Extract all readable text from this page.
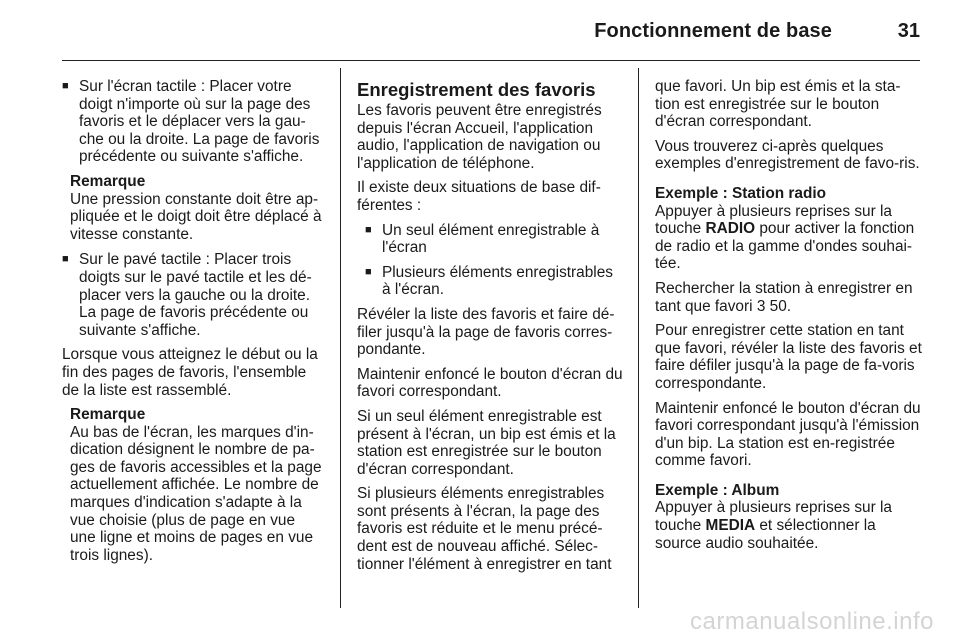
Fonctionnement de base	31
■ Sur l'écran tactile : Placer votre doigt n'importe où sur la page des favoris et le déplacer vers la gau-che ou la droite. La page de favoris précédente ou suivante s'affiche.
Remarque
Une pression constante doit être ap-pliquée et le doigt doit être déplacé à vitesse constante.
■ Sur le pavé tactile : Placer trois doigts sur le pavé tactile et les dé-placer vers la gauche ou la droite. La page de favoris précédente ou suivante s'affiche.

Lorsque vous atteignez le début ou la fin des pages de favoris, l'ensemble de la liste est rassemblé.

Remarque
Au bas de l'écran, les marques d'in-dication désignent le nombre de pa-ges de favoris accessibles et la page actuellement affichée. Le nombre de marques d'indication s'adapte à la vue choisie (plus de page en vue une ligne et moins de pages en vue trois lignes).
Enregistrement des favoris

Les favoris peuvent être enregistrés depuis l'écran Accueil, l'application audio, l'application de navigation ou l'application de téléphone.

Il existe deux situations de base dif-férentes :

■ Un seul élément enregistrable à l'écran
■ Plusieurs éléments enregistrables à l'écran.

Révéler la liste des favoris et faire dé-filer jusqu'à la page de favoris corres-pondante.

Maintenir enfoncé le bouton d'écran du favori correspondant.

Si un seul élément enregistrable est présent à l'écran, un bip est émis et la station est enregistrée sur le bouton d'écran correspondant.

Si plusieurs éléments enregistrables sont présents à l'écran, la page des favoris est réduite et le menu précé-dent est de nouveau affiché. Sélec-tionner l'élément à enregistrer en tant

que favori. Un bip est émis et la sta-tion est enregistrée sur le bouton d'écran correspondant.

Vous trouverez ci-après quelques exemples d'enregistrement de favo-ris.

Exemple : Station radio

Appuyer à plusieurs reprises sur la touche RADIO pour activer la fonction de radio et la gamme d'ondes souhai-tée.

Rechercher la station à enregistrer en tant que favori 3 50.

Pour enregistrer cette station en tant que favori, révéler la liste des favoris et faire défiler jusqu'à la page de fa-voris correspondante.

Maintenir enfoncé le bouton d'écran du favori correspondant jusqu'à l'émission d'un bip. La station est en-registrée comme favori.

Exemple : Album

Appuyer à plusieurs reprises sur la touche MEDIA et sélectionner la source audio souhaitée.

carmanualsonline.info
